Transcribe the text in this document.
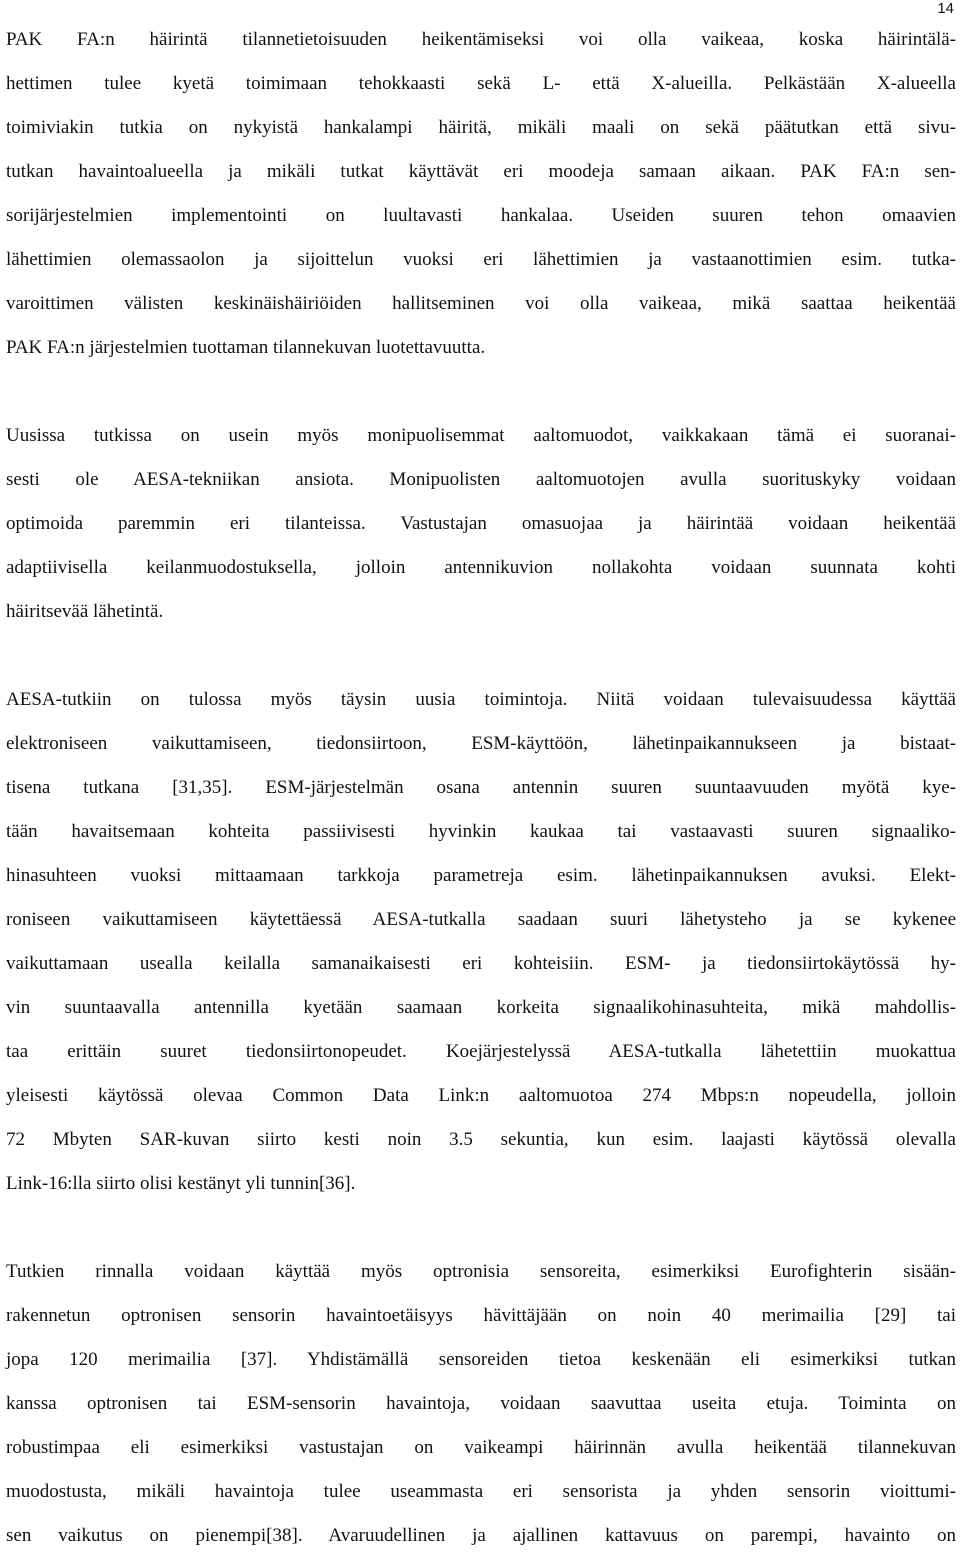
14

PAK FA:n häirintä tilannetietoisuuden heikentämiseksi voi olla vaikeaa, koska häirintälä-
hettimen tulee kyetä toimimaan tehokkaasti sekä L- että X-alueilla. Pelkästään X-alueella
toimiviakin tutkia on nykyistä hankalampi häiritä, mikäli maali on sekä päätutkan että sivu-
tutkan havaintoalueella ja mikäli tutkat käyttävät eri moodeja samaan aikaan. PAK FA:n sen-
sorijärjestelmien implementointi on luultavasti hankalaa. Useiden suuren tehon omaavien
lähettimien olemassaolon ja sijoittelun vuoksi eri lähettimien ja vastaanottimien esim. tutka-
varoittimen välisten keskinäishäiriöiden hallitseminen voi olla vaikeaa, mikä saattaa heikentää
PAK FA:n järjestelmien tuottaman tilannekuvan luotettavuutta.

Uusissa tutkissa on usein myös monipuolisemmat aaltomuodot, vaikkakaan tämä ei suoranai-
sesti ole AESA-tekniikan ansiota. Monipuolisten aaltomuotojen avulla suorituskyky voidaan
optimoida paremmin eri tilanteissa. Vastustajan omasuojaa ja häirintää voidaan heikentää
adaptiivisella keilanmuodostuksella, jolloin antennikuvion nollakohta voidaan suunnata kohti
häiritsevää lähetintä.

AESA-tutkiin on tulossa myös täysin uusia toimintoja. Niitä voidaan tulevaisuudessa käyttää
elektroniseen vaikuttamiseen, tiedonsiirtoon, ESM-käyttöön, lähetinpaikannukseen ja bistaat-
tisena tutkana [31,35]. ESM-järjestelmän osana antennin suuren suuntaavuuden myötä kye-
tään havaitsemaan kohteita passiivisesti hyvinkin kaukaa tai vastaavasti suuren signaaliko-
hinasuhteen vuoksi mittaamaan tarkkoja parametreja esim. lähetinpaikannuksen avuksi. Elekt-
roniseen vaikuttamiseen käytettäessä AESA-tutkalla saadaan suuri lähetysteho ja se kykenee
vaikuttamaan usealla keilalla samanaikaisesti eri kohteisiin. ESM- ja tiedonsiirtokäytössä hy-
vin suuntaavalla antennilla kyetään saamaan korkeita signaalikohinasuhteita, mikä mahdollis-
taa erittäin suuret tiedonsiirtonopeudet. Koejärjestelyssä AESA-tutkalla lähetettiin muokattua
yleisesti käytössä olevaa Common Data Link:n aaltomuotoa 274 Mbps:n nopeudella, jolloin
72 Mbyten SAR-kuvan siirto kesti noin 3.5 sekuntia, kun esim. laajasti käytössä olevalla
Link-16:lla siirto olisi kestänyt yli tunnin[36].

Tutkien rinnalla voidaan käyttää myös optronisia sensoreita, esimerkiksi Eurofighterin sisään-
rakennetun optronisen sensorin havaintoetäisyys hävittäjään on noin 40 merimailia [29] tai
jopa 120 merimailia [37]. Yhdistämällä sensoreiden tietoa keskenään eli esimerkiksi tutkan
kanssa optronisen tai ESM-sensorin havaintoja, voidaan saavuttaa useita etuja. Toiminta on
robustimpaa eli esimerkiksi vastustajan on vaikeampi häirinnän avulla heikentää tilannekuvan
muodostusta, mikäli havaintoja tulee useammasta eri sensorista ja yhden sensorin vioittumi-
sen vaikutus on pienempi[38]. Avaruudellinen ja ajallinen kattavuus on parempi, havainto on
